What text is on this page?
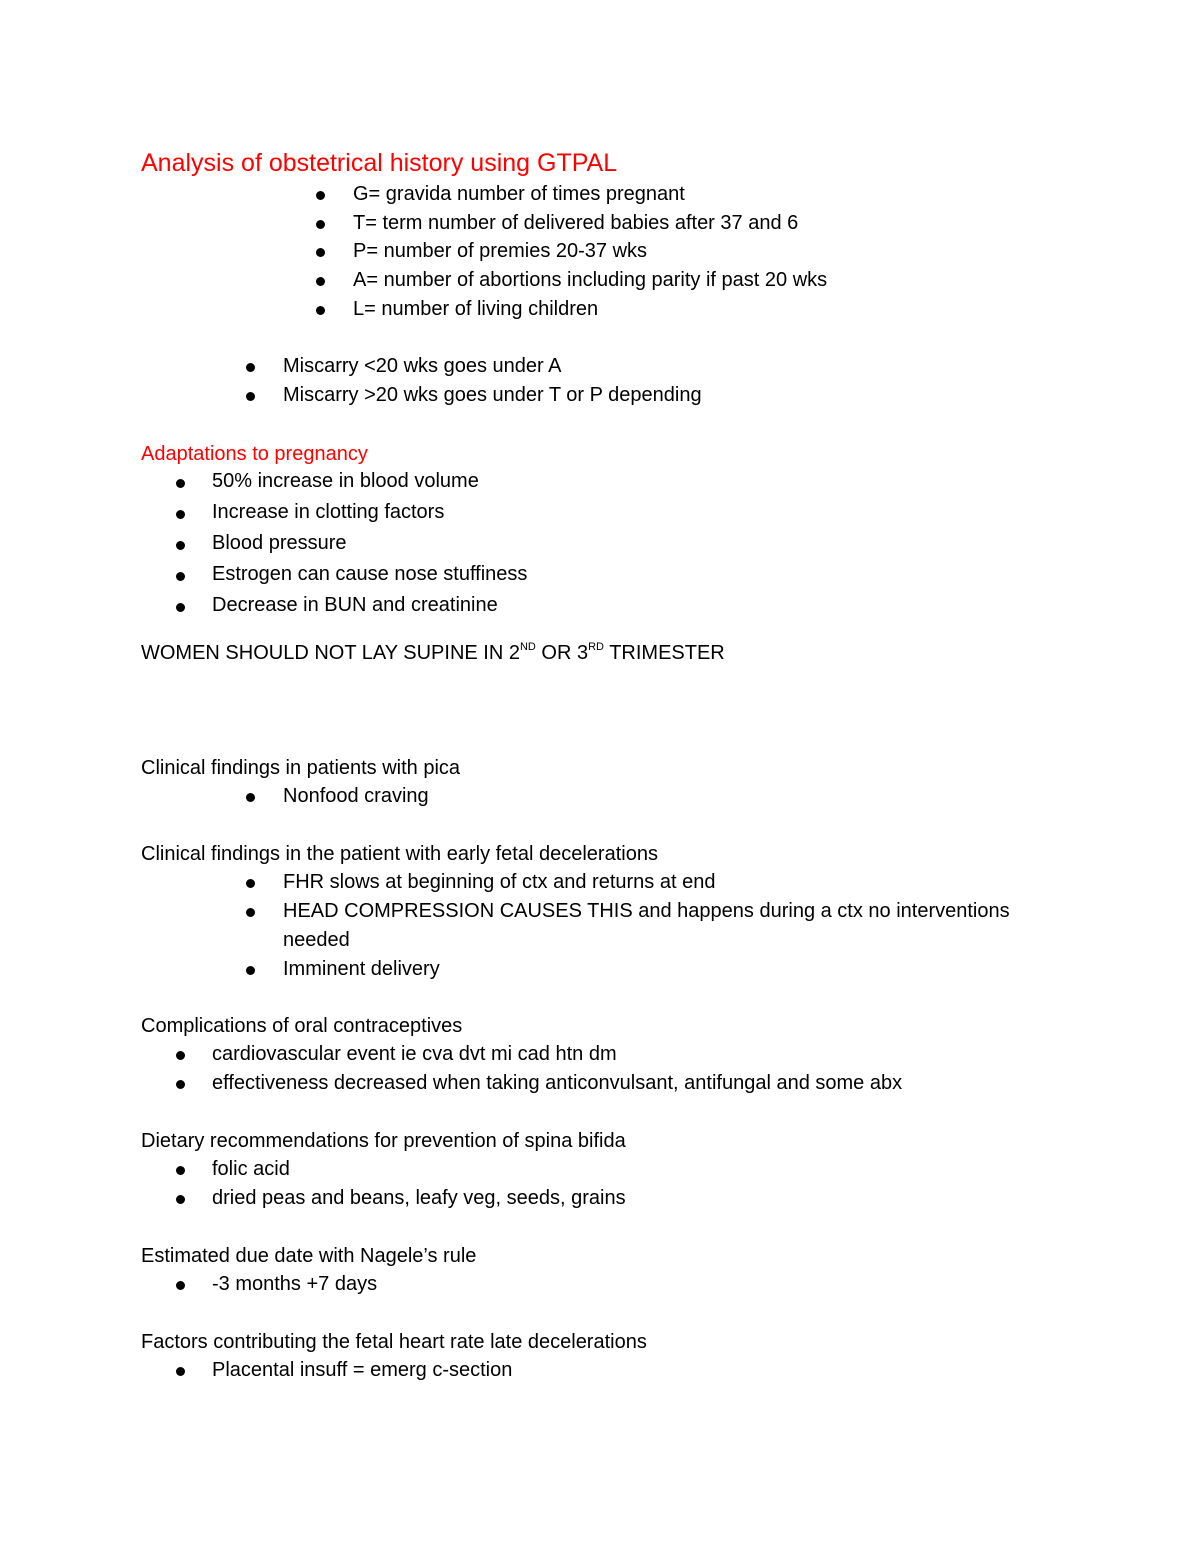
Analysis of obstetrical history using GTPAL
G= gravida number of times pregnant
T= term number of delivered babies after 37 and 6
P= number of premies 20-37 wks
A= number of abortions including parity if past 20 wks
L= number of living children
Miscarry <20 wks goes under A
Miscarry >20 wks goes under T or P depending
Adaptations to pregnancy
50% increase in blood volume
Increase in clotting factors
Blood pressure
Estrogen can cause nose stuffiness
Decrease in BUN and creatinine
WOMEN SHOULD NOT LAY SUPINE IN 2ND OR 3RD TRIMESTER
Clinical findings in patients with pica
Nonfood craving
Clinical findings in the patient with early fetal decelerations
FHR slows at beginning of ctx and returns at end
HEAD COMPRESSION CAUSES THIS and happens during a ctx no interventions needed
Imminent delivery
Complications of oral contraceptives
cardiovascular event ie cva dvt mi cad htn dm
effectiveness decreased when taking anticonvulsant, antifungal and some abx
Dietary recommendations for prevention of spina bifida
folic acid
dried peas and beans, leafy veg, seeds, grains
Estimated due date with Nagele’s rule
-3 months +7 days
Factors contributing the fetal heart rate late decelerations
Placental insuff = emerg c-section
